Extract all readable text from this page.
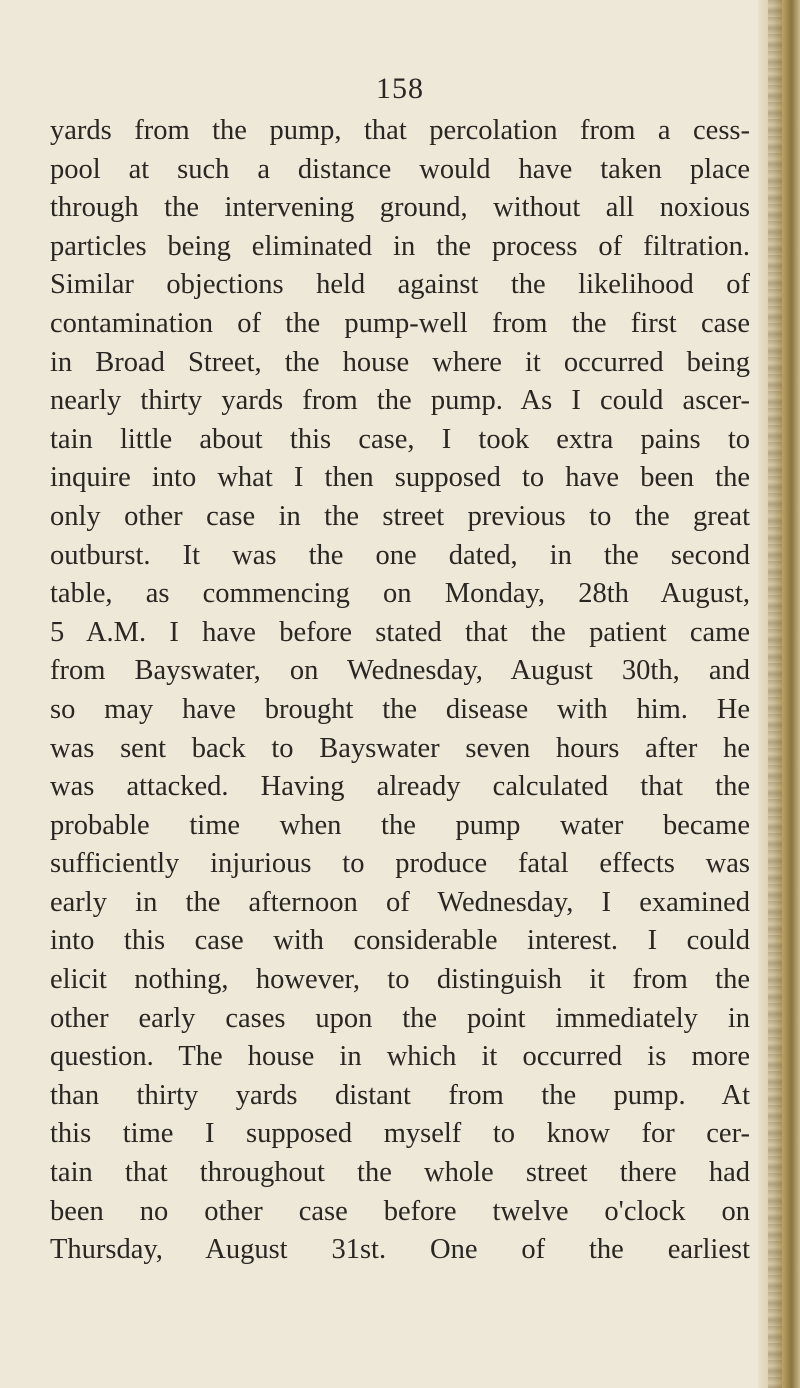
158
yards from the pump, that percolation from a cess-
pool at such a distance would have taken place
through the intervening ground, without all noxious
particles being eliminated in the process of filtration.
Similar objections held against the likelihood of
contamination of the pump-well from the first case
in Broad Street, the house where it occurred being
nearly thirty yards from the pump. As I could ascer-
tain little about this case, I took extra pains to
inquire into what I then supposed to have been the
only other case in the street previous to the great
outburst. It was the one dated, in the second
table, as commencing on Monday, 28th August,
5 A.M. I have before stated that the patient came
from Bayswater, on Wednesday, August 30th, and
so may have brought the disease with him. He
was sent back to Bayswater seven hours after he
was attacked. Having already calculated that the
probable time when the pump water became
sufficiently injurious to produce fatal effects was
early in the afternoon of Wednesday, I examined
into this case with considerable interest. I could
elicit nothing, however, to distinguish it from the
other early cases upon the point immediately in
question. The house in which it occurred is more
than thirty yards distant from the pump. At
this time I supposed myself to know for cer-
tain that throughout the whole street there had
been no other case before twelve o'clock on
Thursday, August 31st. One of the earliest
